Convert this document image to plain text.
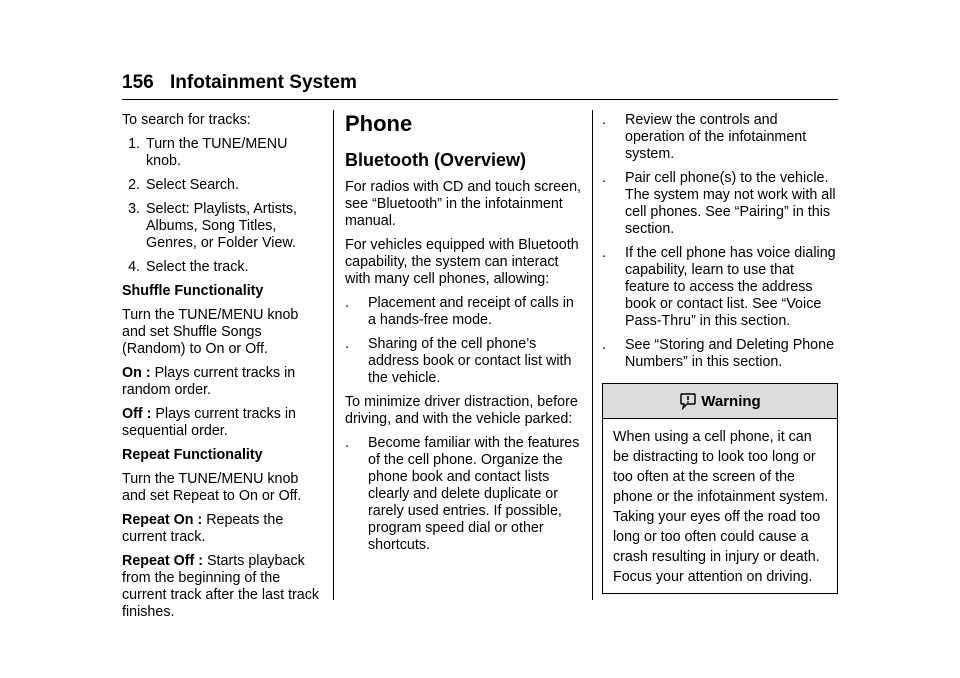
156 Infotainment System
To search for tracks:
1. Turn the TUNE/MENU knob.
2. Select Search.
3. Select: Playlists, Artists, Albums, Song Titles, Genres, or Folder View.
4. Select the track.
Shuffle Functionality
Turn the TUNE/MENU knob and set Shuffle Songs (Random) to On or Off.
On : Plays current tracks in random order.
Off : Plays current tracks in sequential order.
Repeat Functionality
Turn the TUNE/MENU knob and set Repeat to On or Off.
Repeat On : Repeats the current track.
Repeat Off : Starts playback from the beginning of the current track after the last track finishes.
Phone
Bluetooth (Overview)
For radios with CD and touch screen, see “Bluetooth” in the infotainment manual.
For vehicles equipped with Bluetooth capability, the system can interact with many cell phones, allowing:
.	Placement and receipt of calls in a hands-free mode.
.	Sharing of the cell phone’s address book or contact list with the vehicle.
To minimize driver distraction, before driving, and with the vehicle parked:
.	Become familiar with the features of the cell phone. Organize the phone book and contact lists clearly and delete duplicate or rarely used entries. If possible, program speed dial or other shortcuts.
.	Review the controls and operation of the infotainment system.
.	Pair cell phone(s) to the vehicle. The system may not work with all cell phones. See “Pairing” in this section.
.	If the cell phone has voice dialing capability, learn to use that feature to access the address book or contact list. See “Voice Pass-Thru” in this section.
.	See “Storing and Deleting Phone Numbers” in this section.
Warning
When using a cell phone, it can be distracting to look too long or too often at the screen of the phone or the infotainment system. Taking your eyes off the road too long or too often could cause a crash resulting in injury or death. Focus your attention on driving.
